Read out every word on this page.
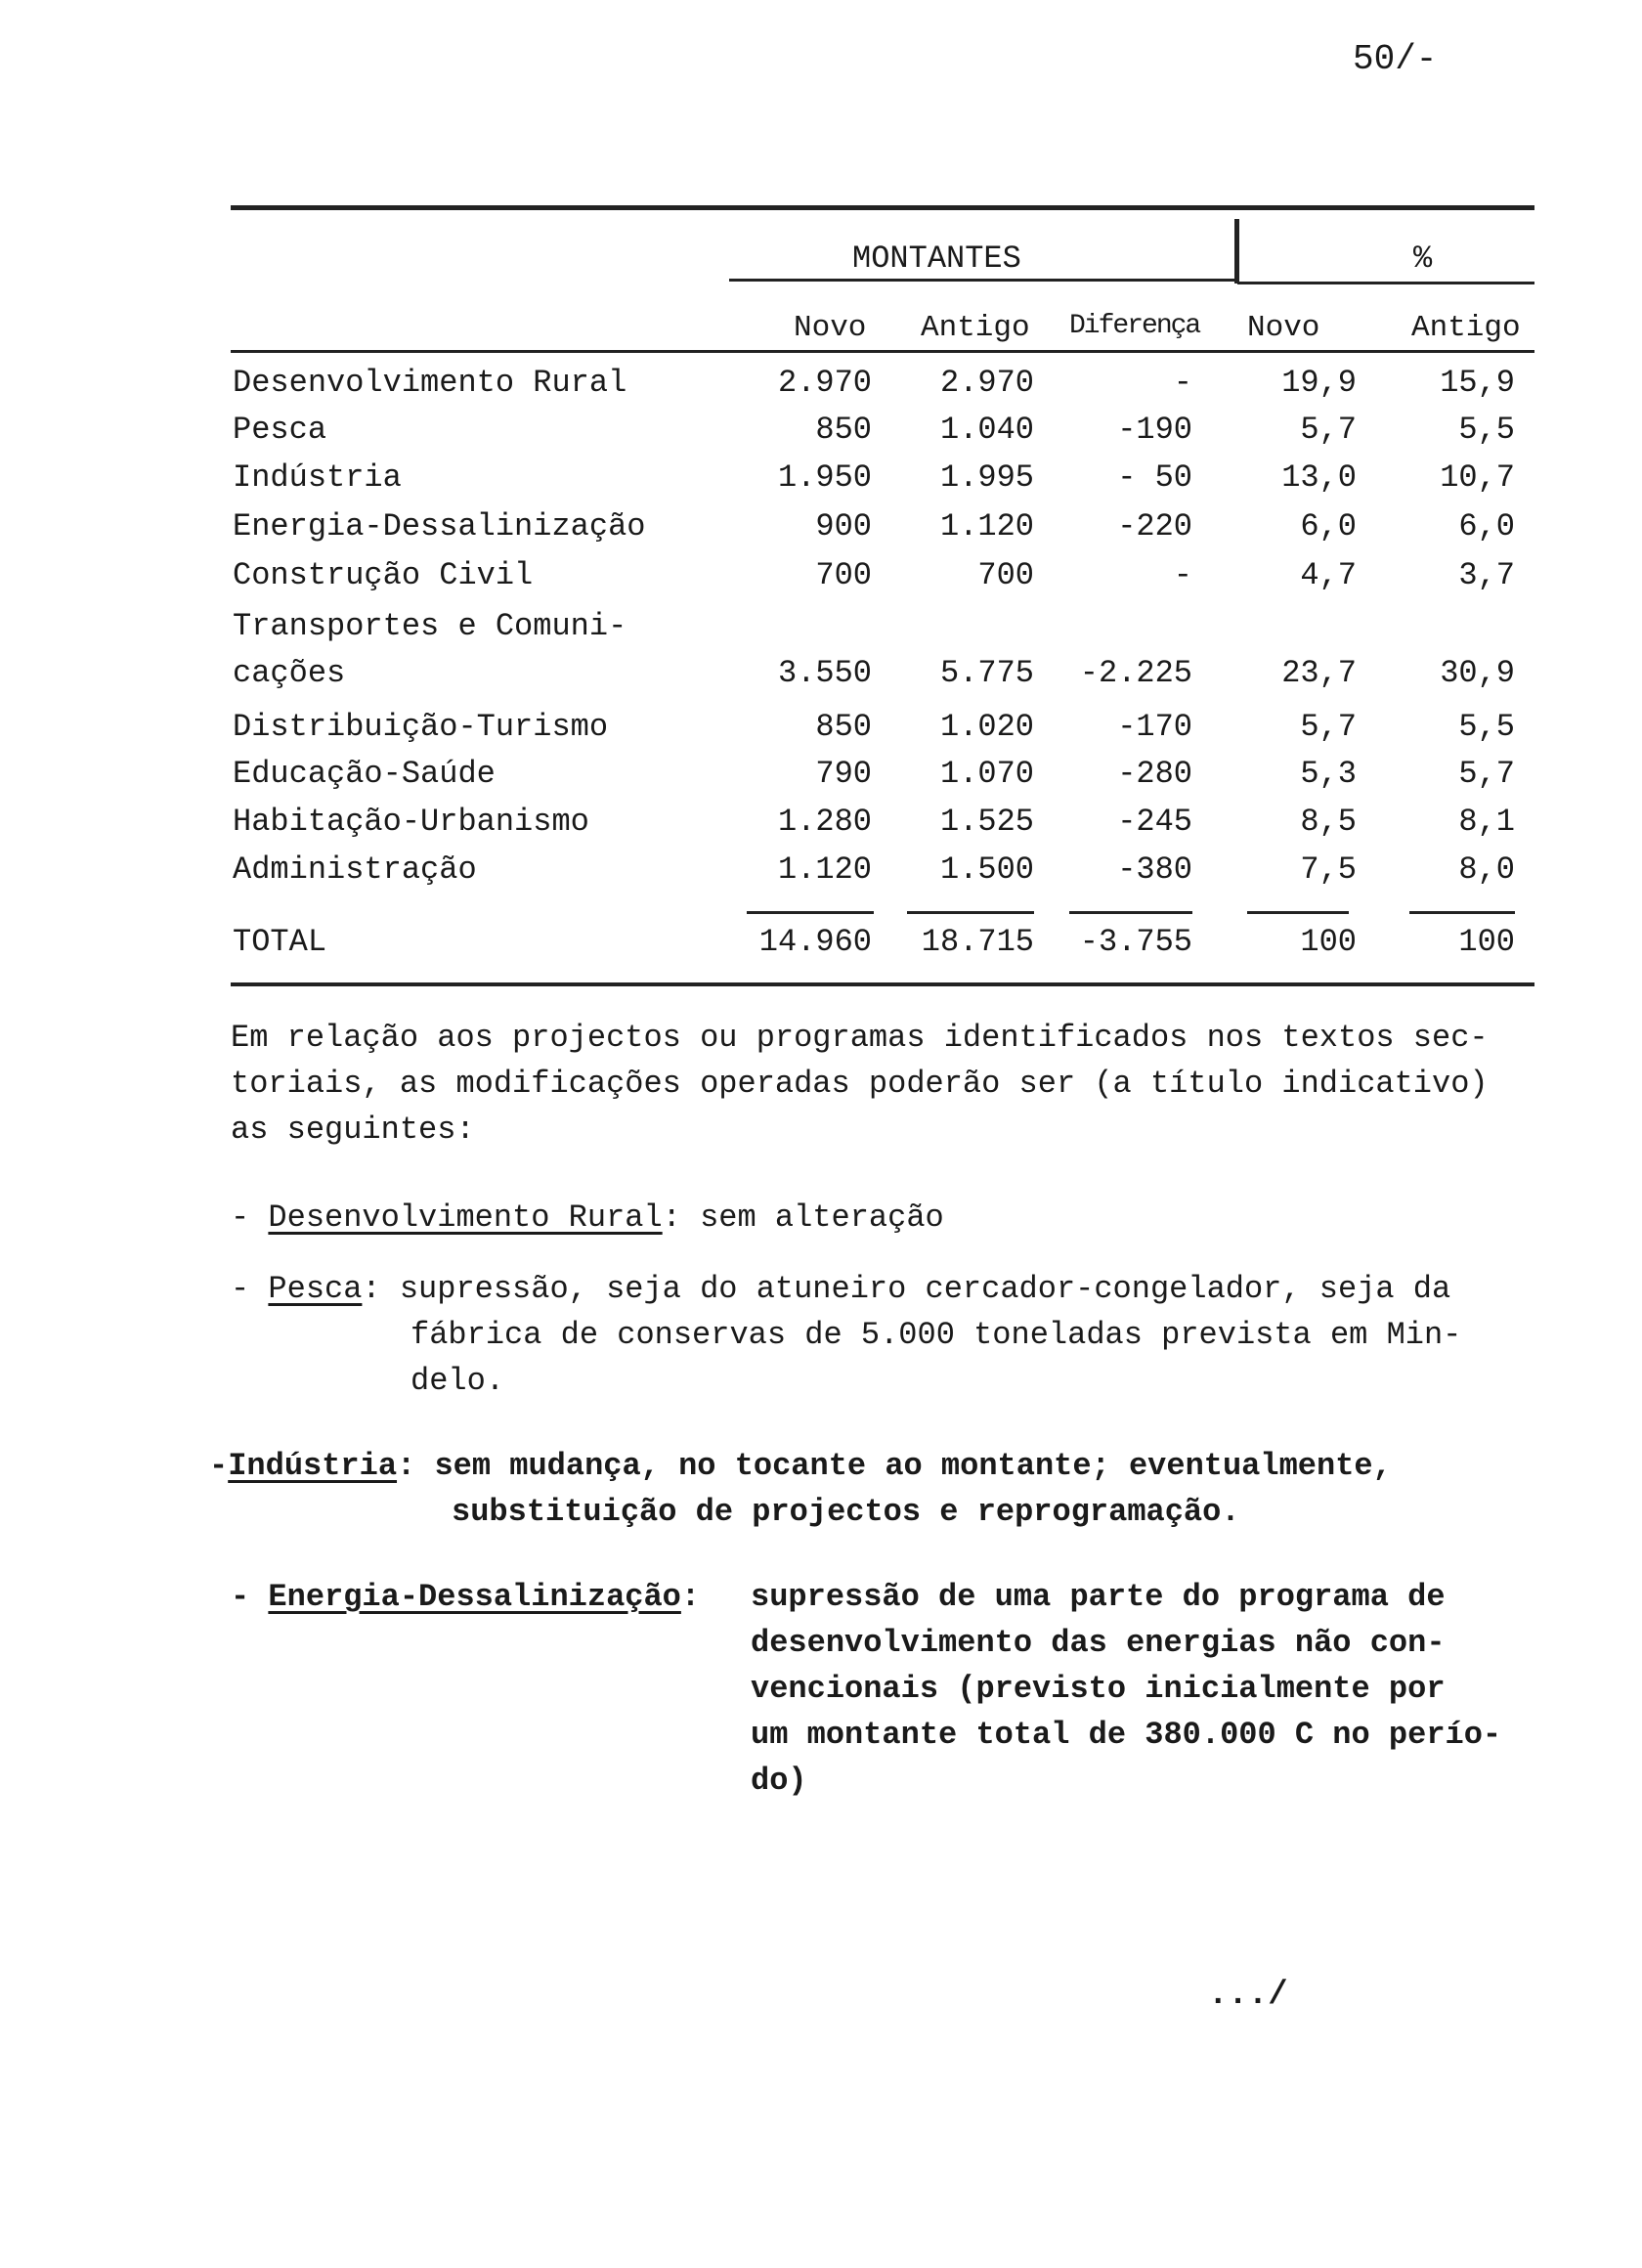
50/-
MONTANTES	%
Novo Antigo Diferença Novo	Antigo
Desenvolvimento Rural	2.970 2.970	-	19,9	15,9
Pesca	850 1.040	-190	5,7	5,5
Indústria	1.950 1.995	- 50	13,0	10,7
Energia-Dessalinização	900 1.120	-220	6,0	6,0
Construção Civil	700	700	-	4,7	3,7
Transportes e Comuni-
cações	3.550 5.775 -2.225	23,7	30,9
Distribuição-Turismo	850 1.020	-170	5,7	5,5
Educação-Saúde	790 1.070	-280	5,3	5,7
Habitação-Urbanismo	1.280 1.525	-245	8,5	8,1
Administração	1.120 1.500	-380	7,5	8,0
TOTAL	14.960 18.715 -3.755	100	100
Em relação aos projectos ou programas identificados nos textos sec-
toriais, as modificações operadas poderão ser (a título indicativo)
as seguintes:
- Desenvolvimento Rural: sem alteração
- Pesca: supressão, seja do atuneiro cercador-congelador, seja da
fábrica de conservas de 5.000 toneladas prevista em Min-
delo.
-Indústria: sem mudança, no tocante ao montante; eventualmente,
substituição de projectos e reprogramação.
- Energia-Dessalinização: supressão de uma parte do programa de
desenvolvimento das energias não con-
vencionais (previsto inicialmente por
um montante total de 380.000 C no perío-
do)
.../
